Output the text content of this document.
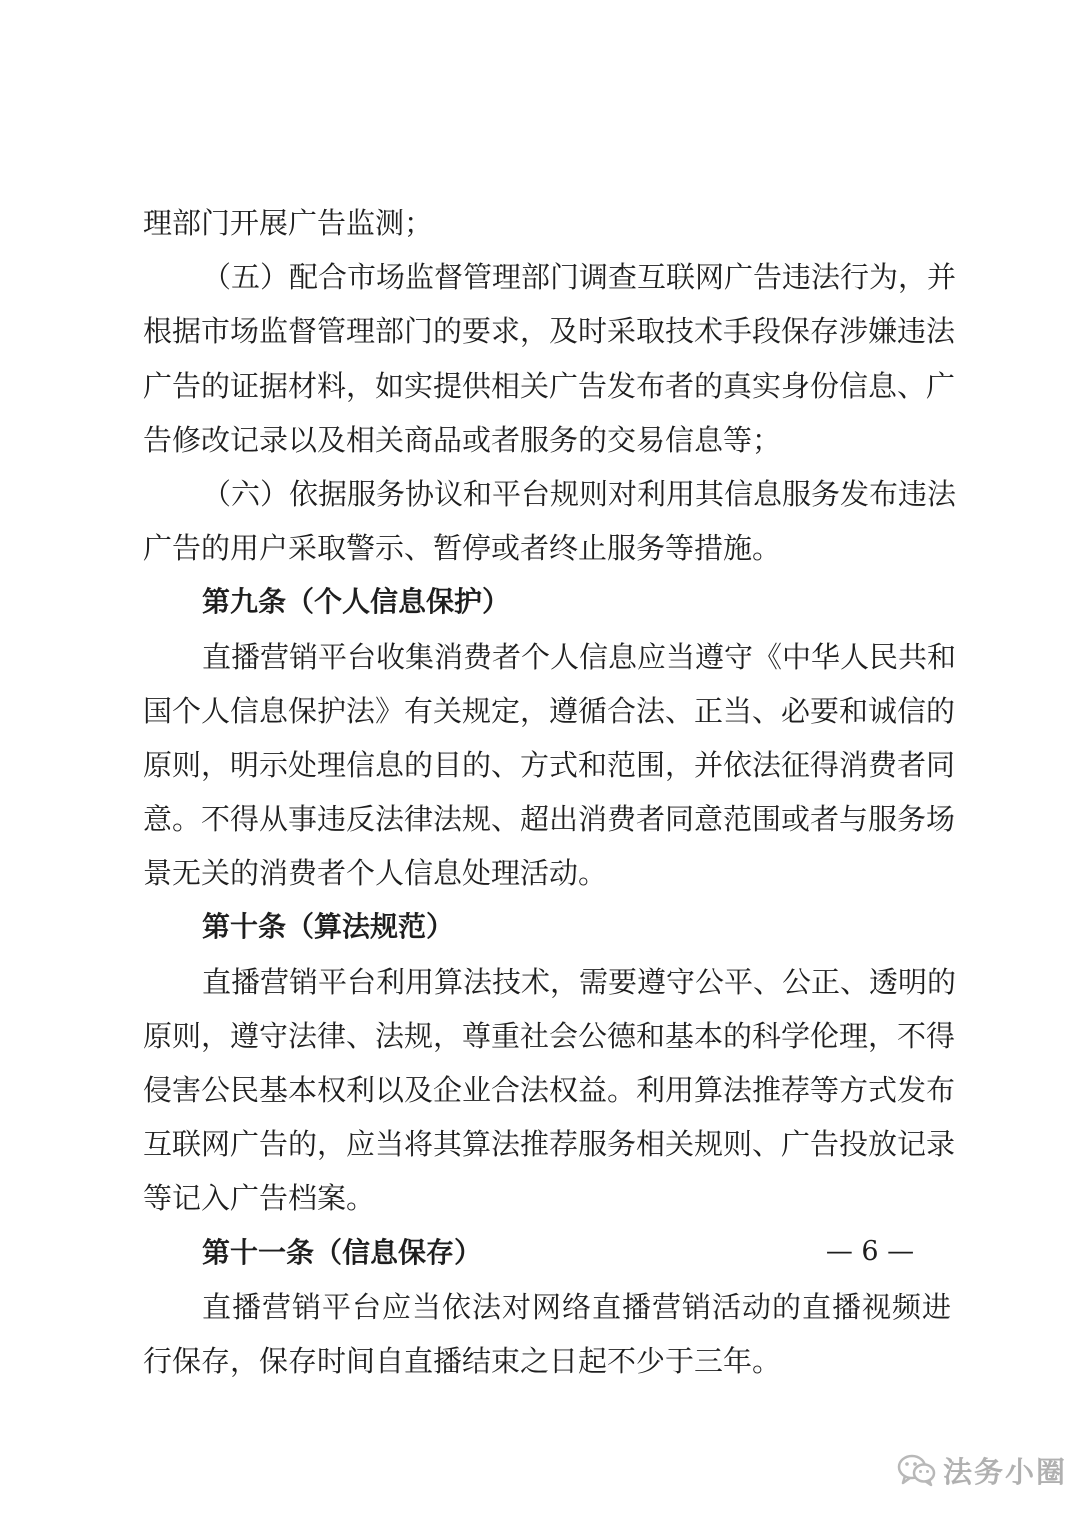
理部门开展广告监测；
（五）配合市场监督管理部门调查互联网广告违法行为，并
根据市场监督管理部门的要求，及时采取技术手段保存涉嫌违法
广告的证据材料，如实提供相关广告发布者的真实身份信息、广
告修改记录以及相关商品或者服务的交易信息等；
（六）依据服务协议和平台规则对利用其信息服务发布违法
广告的用户采取警示、暂停或者终止服务等措施。
第九条（个人信息保护）
直播营销平台收集消费者个人信息应当遵守《中华人民共和
国个人信息保护法》有关规定，遵循合法、正当、必要和诚信的
原则，明示处理信息的目的、方式和范围，并依法征得消费者同
意。不得从事违反法律法规、超出消费者同意范围或者与服务场
景无关的消费者个人信息处理活动。
第十条（算法规范）
直播营销平台利用算法技术，需要遵守公平、公正、透明的
原则，遵守法律、法规，尊重社会公德和基本的科学伦理，不得
侵害公民基本权利以及企业合法权益。利用算法推荐等方式发布
互联网广告的，应当将其算法推荐服务相关规则、广告投放记录
等记入广告档案。
第十一条（信息保存）
直播营销平台应当依法对网络直播营销活动的直播视频进
行保存，保存时间自直播结束之日起不少于三年。
— 6 —
法务小圈
